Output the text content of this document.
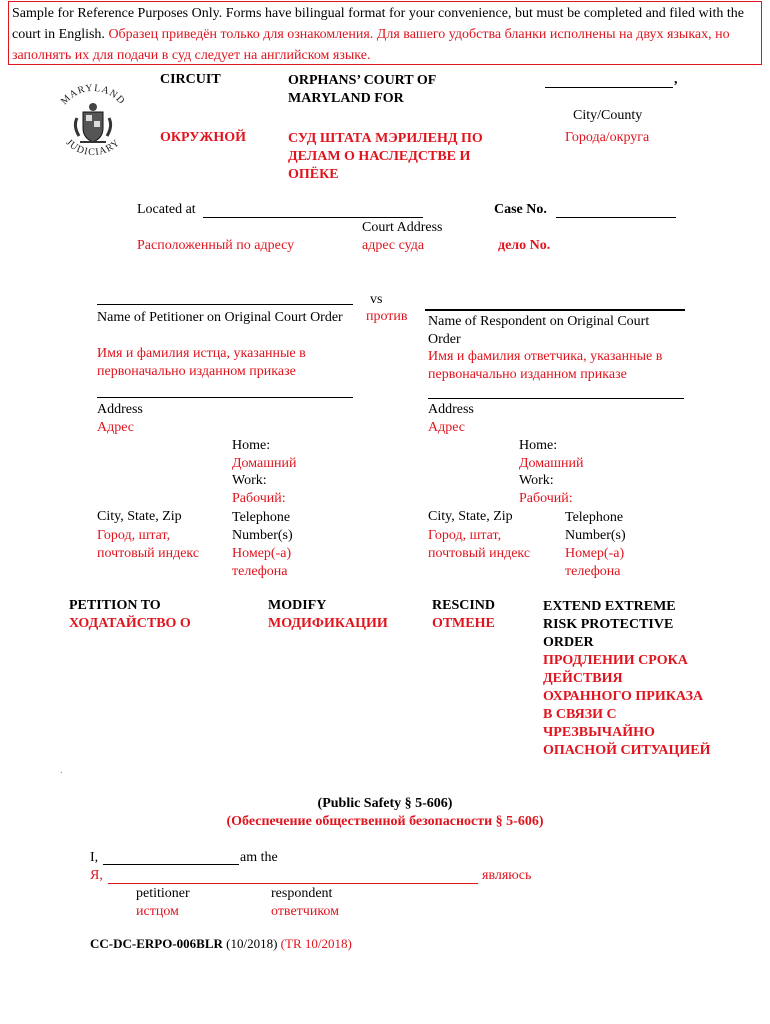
Sample for Reference Purposes Only. Forms have bilingual format for your convenience, but must be completed and filed with the court in English. Образец приведён только для ознакомления. Для вашего удобства бланки исполнены на двух языках, но заполнять их для подачи в суд следует на английском языке.
MARYLAND
JUDICIARY
CIRCUIT
ОКРУЖНОЙ
ORPHANS’ COURT OF MARYLAND FOR
СУД ШТАТА МЭРИЛЕНД ПО ДЕЛАМ О НАСЛЕДСТВЕ И ОПЁКЕ
,
City/County
Города/округа
Located at
Court Address
Расположенный по адресу	адрес суда
Case No.
дело No.
vs
против
Name of Petitioner on Original Court Order
Имя и фамилия истца, указанные в первоначально изданном приказе
Name of Respondent on Original Court Order
Имя и фамилия ответчика, указанные в первоначально изданном приказе
Address
Адрес
Home:
Домашний
Work:
Рабочий:
City, State, Zip
Город, штат, почтовый индекс
Telephone Number(s)
Номер(-а) телефона
Address
Адрес
Home:
Домашний
Work:
Рабочий:
City, State, Zip
Город, штат, почтовый индекс
Telephone Number(s)
Номер(-а) телефона
PETITION TO
ХОДАТАЙСТВО О
MODIFY
МОДИФИКАЦИИ
RESCIND
ОТМЕНЕ
EXTEND EXTREME RISK PROTECTIVE ORDER
ПРОДЛЕНИИ СРОКА ДЕЙСТВИЯ ОХРАННОГО ПРИКАЗА В СВЯЗИ С ЧРЕЗВЫЧАЙНО ОПАСНОЙ СИТУАЦИЕЙ
.
(Public Safety § 5-606)
(Обеспечение общественной безопасности § 5-606)
I,	am the
Я,	являюсь
petitioner
истцом
respondent
ответчиком
CC-DC-ERPO-006BLR (10/2018) (TR 10/2018)
